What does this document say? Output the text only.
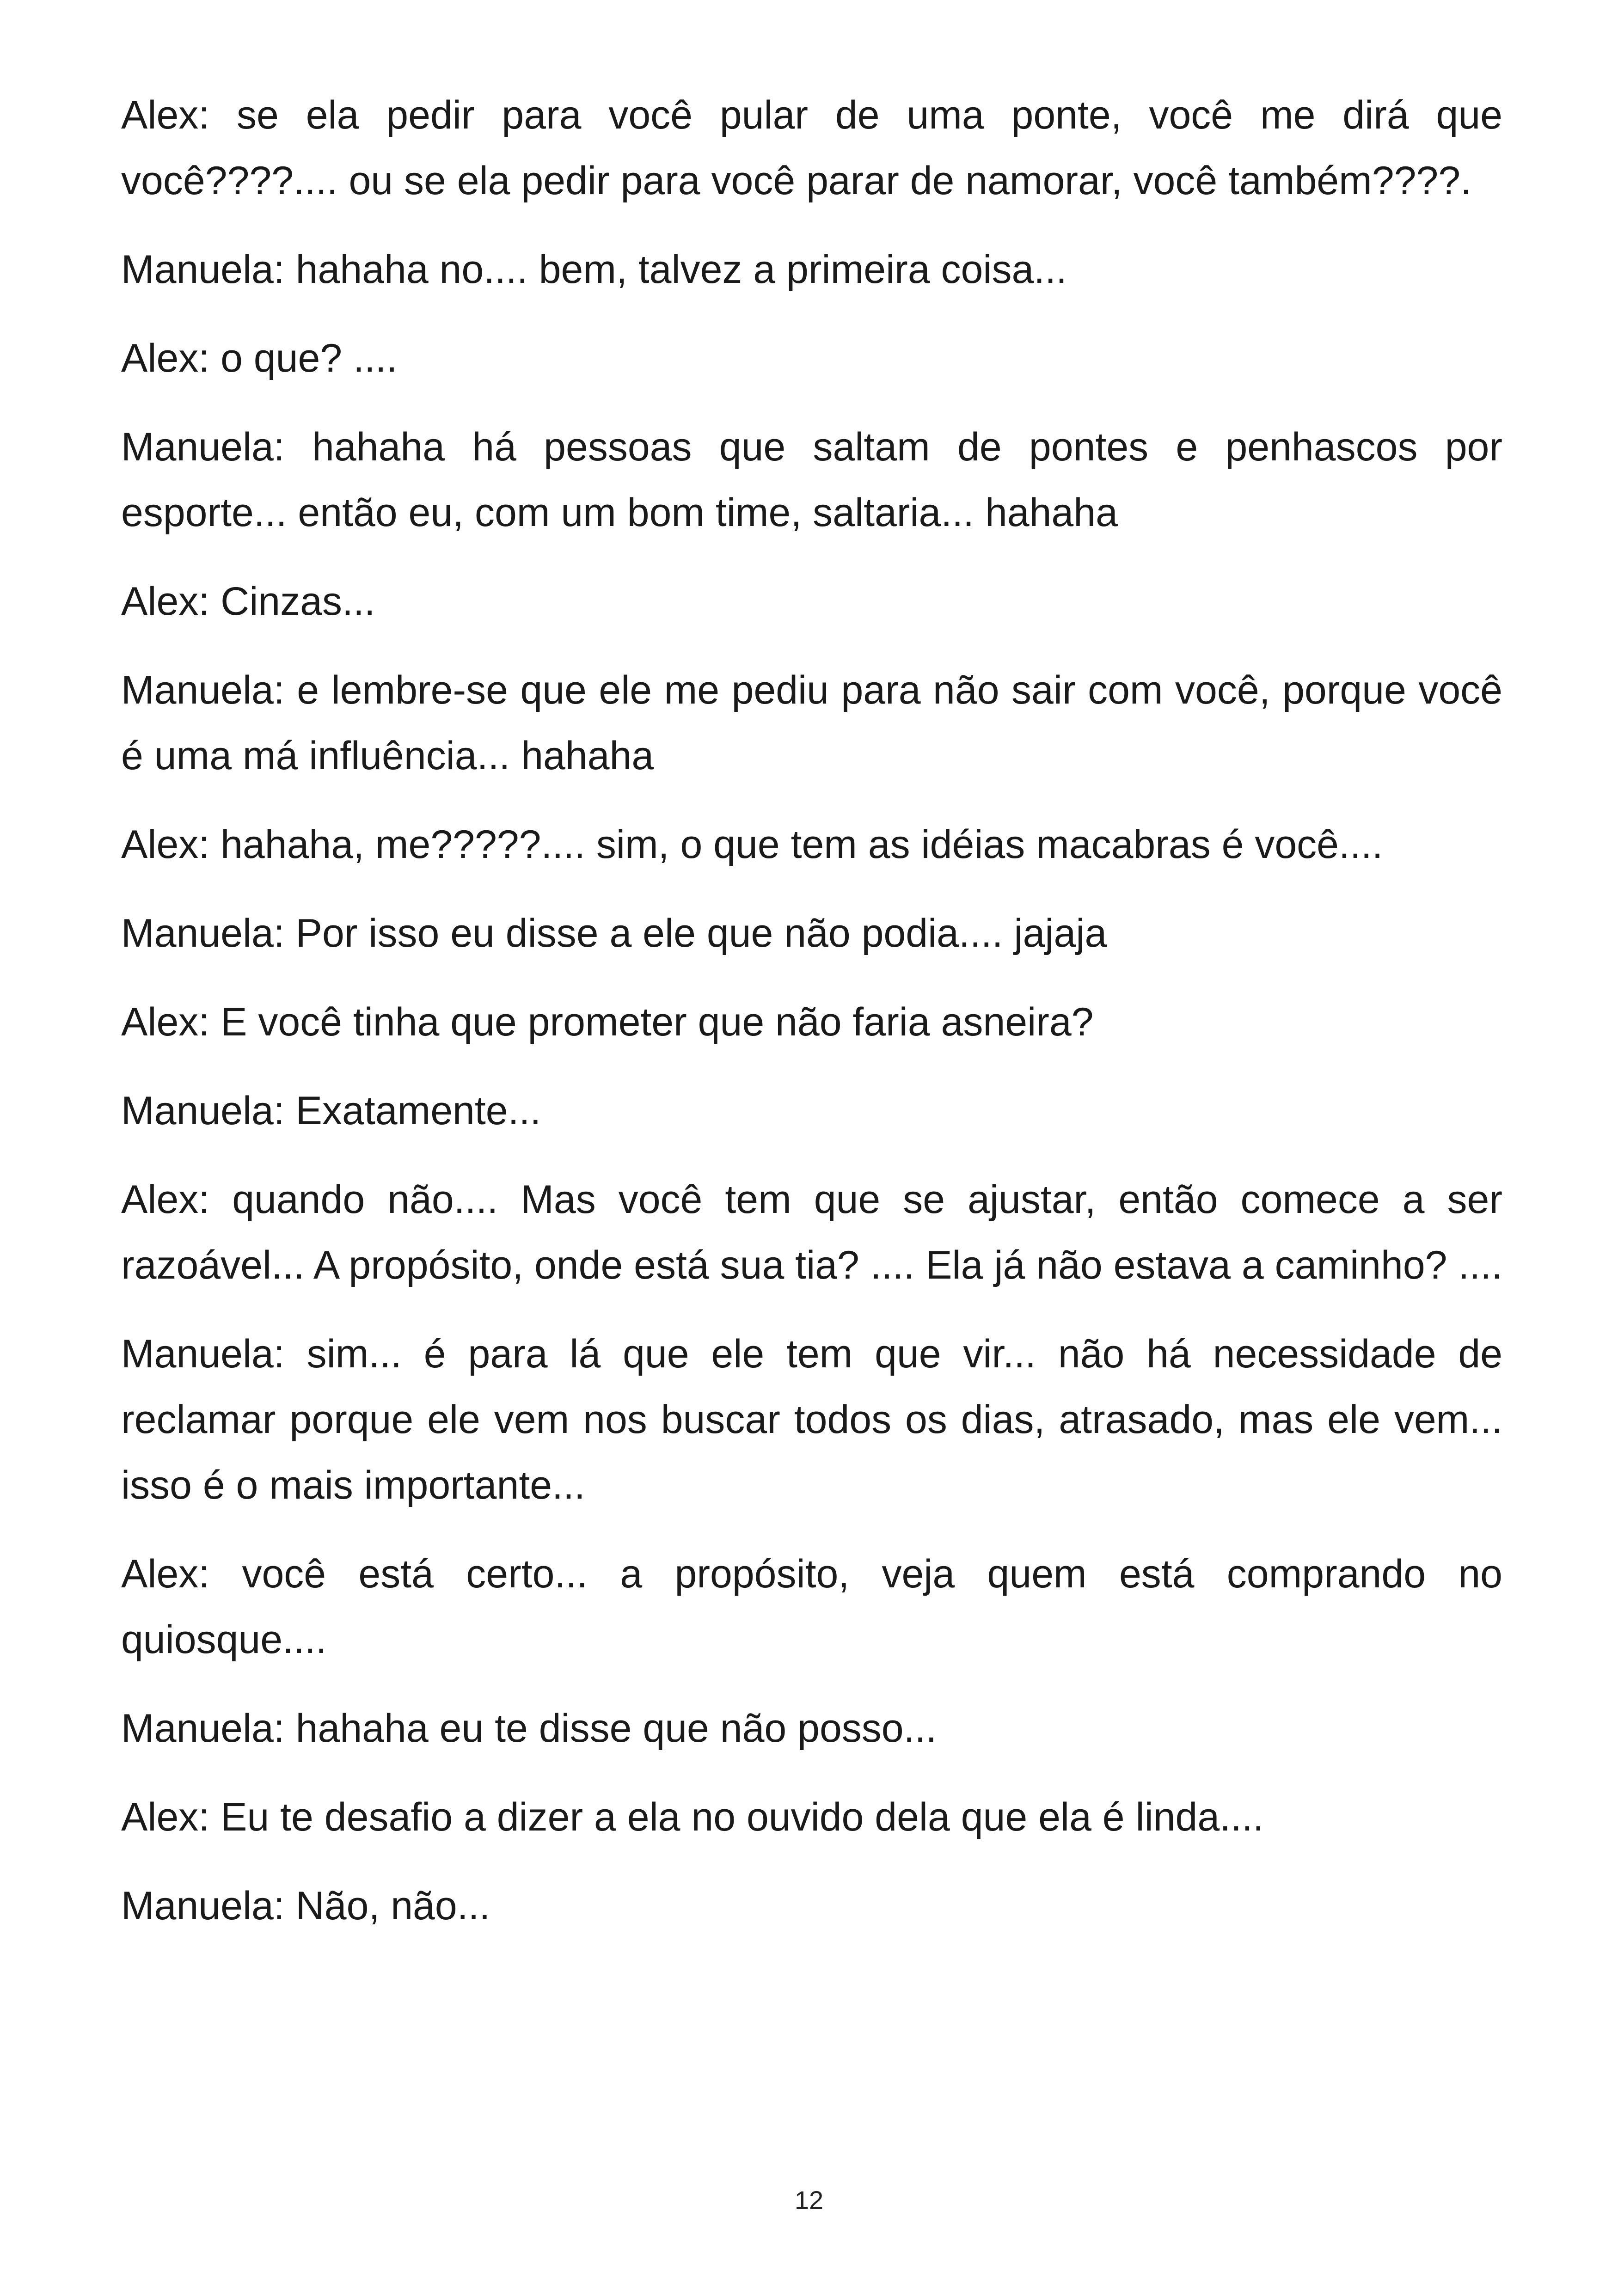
Alex: se ela pedir para você pular de uma ponte, você me dirá que você????.... ou se ela pedir para você parar de namorar, você também????.

Manuela: hahaha no.... bem, talvez a primeira coisa...

Alex: o que? ....

Manuela: hahaha há pessoas que saltam de pontes e penhascos por esporte... então eu, com um bom time, saltaria... hahaha

Alex: Cinzas...

Manuela: e lembre-se que ele me pediu para não sair com você, porque você é uma má influência... hahaha

Alex: hahaha, me?????.... sim, o que tem as idéias macabras é você....

Manuela: Por isso eu disse a ele que não podia.... jajaja

Alex: E você tinha que prometer que não faria asneira?

Manuela: Exatamente...

Alex: quando não.... Mas você tem que se ajustar, então comece a ser razoável... A propósito, onde está sua tia? .... Ela já não estava a caminho? ....

Manuela: sim... é para lá que ele tem que vir... não há necessidade de reclamar porque ele vem nos buscar todos os dias, atrasado, mas ele vem... isso é o mais importante...

Alex: você está certo... a propósito, veja quem está comprando no quiosque....

Manuela: hahaha eu te disse que não posso...

Alex: Eu te desafio a dizer a ela no ouvido dela que ela é linda....

Manuela: Não, não...

12
